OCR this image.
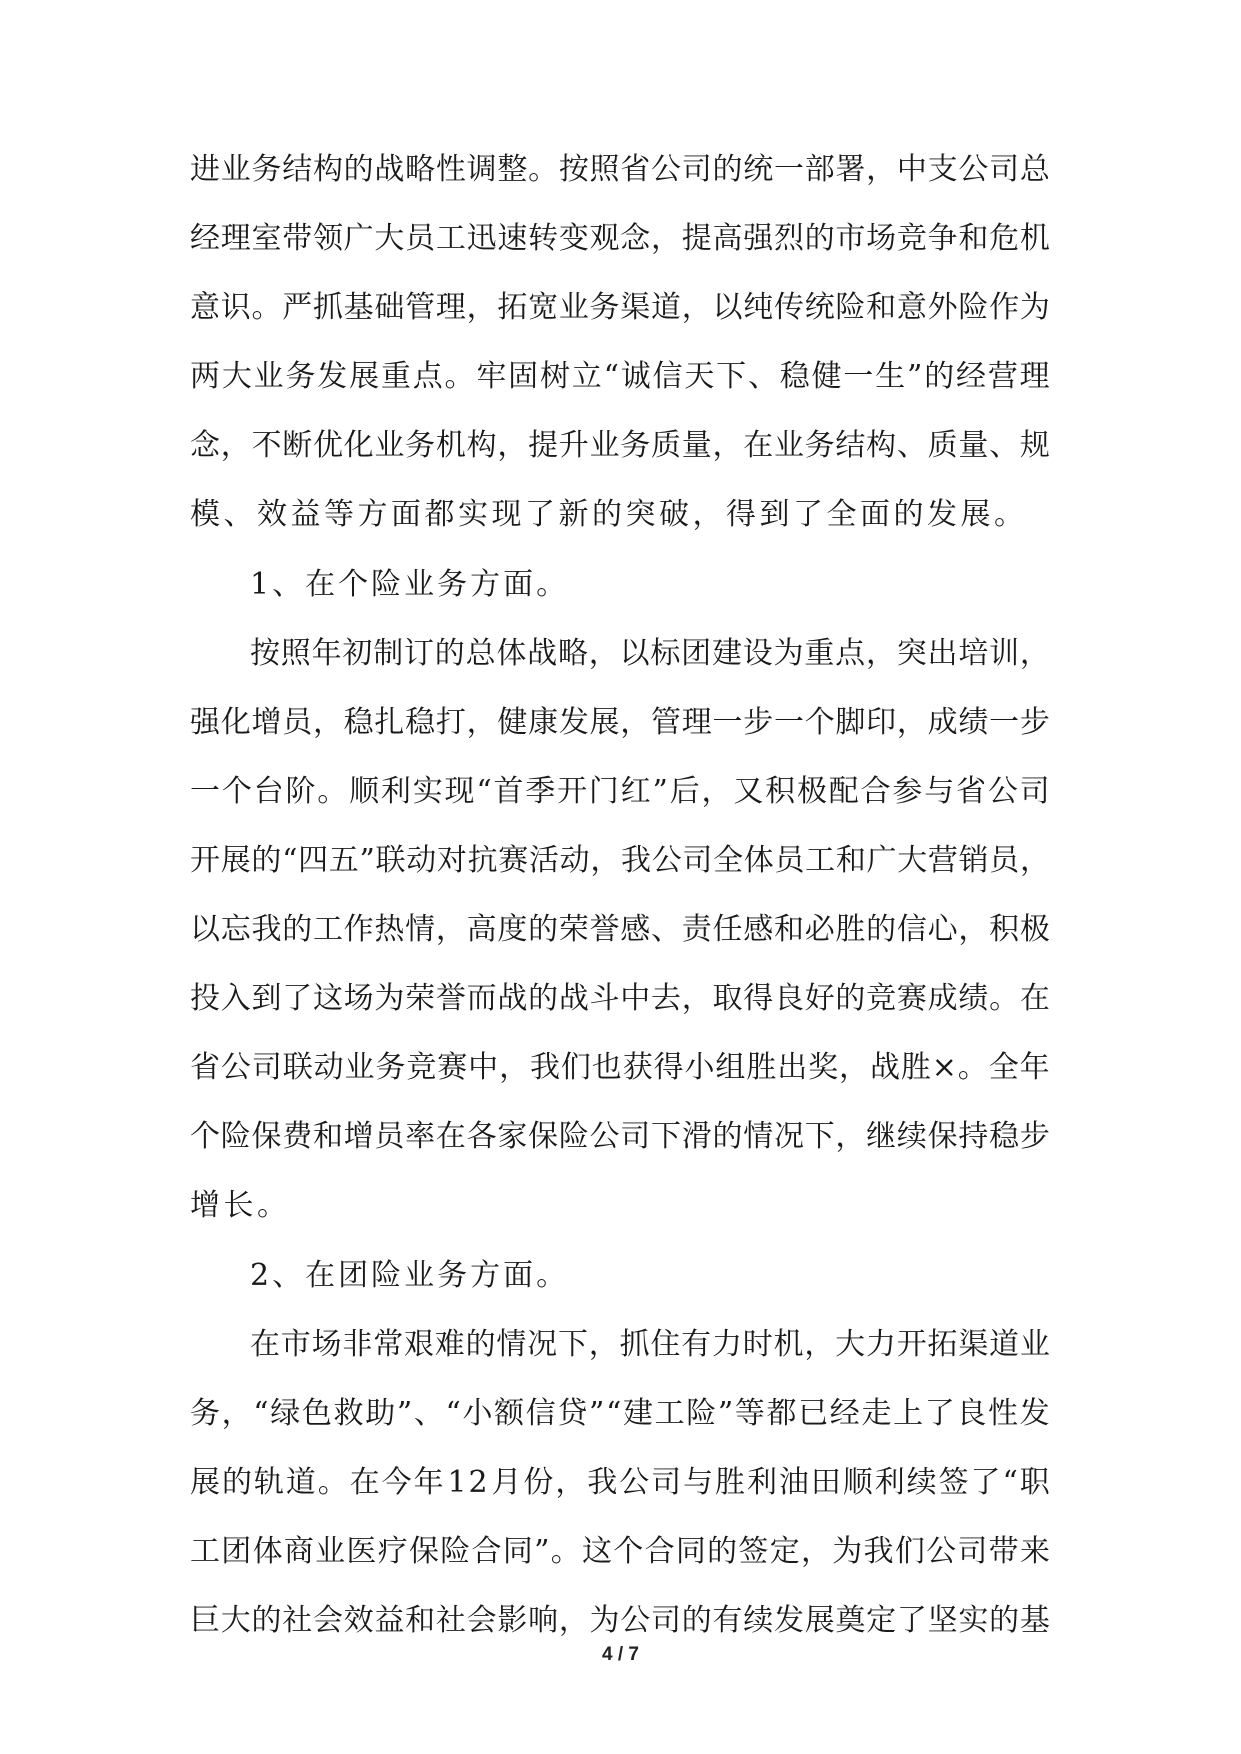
进 业 务 结 构 的 战 略 性 调 整 。 按 照 省 公 司 的 统 一 部 署 ， 中 支 公 司 总
经 理 室 带 领 广 大 员 工 迅 速 转 变 观 念 ， 提 高 强 烈 的 市 场 竞 争 和 危 机
意 识 。 严 抓 基 础 管 理 ， 拓 宽 业 务 渠 道 ， 以 纯 传 统 险 和 意 外 险 作 为
两 大 业 务 发 展 重 点 。 牢 固 树 立 “ 诚 信 天 下 、 稳 健 一 生 ” 的 经 营 理
念 ， 不 断 优 化 业 务 机 构 ， 提 升 业 务 质 量 ， 在 业 务 结 构 、 质 量 、 规
模、效益等方面都实现了新的突破，得到了全面的发展。
1、在个险业务方面。
按 照 年 初 制 订 的 总 体 战 略 ， 以 标 团 建 设 为 重 点 ， 突 出 培 训 ，
强 化 增 员 ， 稳 扎 稳 打 ， 健 康 发 展 ， 管 理 一 步 一 个 脚 印 ， 成 绩 一 步
一 个 台 阶 。 顺 利 实 现 “ 首 季 开 门 红 ” 后 ， 又 积 极 配 合 参 与 省 公 司
开 展 的 “ 四 五 ” 联 动 对 抗 赛 活 动 ， 我 公 司 全 体 员 工 和 广 大 营 销 员 ，
以 忘 我 的 工 作 热 情 ， 高 度 的 荣 誉 感 、 责 任 感 和 必 胜 的 信 心 ， 积 极
投 入 到 了 这 场 为 荣 誉 而 战 的 战 斗 中 去 ， 取 得 良 好 的 竞 赛 成 绩 。 在
省 公 司 联 动 业 务 竞 赛 中 ， 我 们 也 获 得 小 组 胜 出 奖 ， 战 胜 × 。 全 年
个 险 保 费 和 增 员 率 在 各 家 保 险 公 司 下 滑 的 情 况 下 ， 继 续 保 持 稳 步
增长。
2、在团险业务方面。
在 市 场 非 常 艰 难 的 情 况 下 ， 抓 住 有 力 时 机 ， 大 力 开 拓 渠 道 业
务 ， “ 绿 色 救 助 ” 、 “ 小 额 信 贷 ” “ 建 工 险 ” 等 都 已 经 走 上 了 良 性 发
展 的 轨 道 。 在 今 年 1 2 月 份 ， 我 公 司 与 胜 利 油 田 顺 利 续 签 了 “ 职
工 团 体 商 业 医 疗 保 险 合 同 ” 。 这 个 合 同 的 签 定 ， 为 我 们 公 司 带 来
巨 大 的 社 会 效 益 和 社 会 影 响 ， 为 公 司 的 有 续 发 展 奠 定 了 坚 实 的 基
4 / 7
